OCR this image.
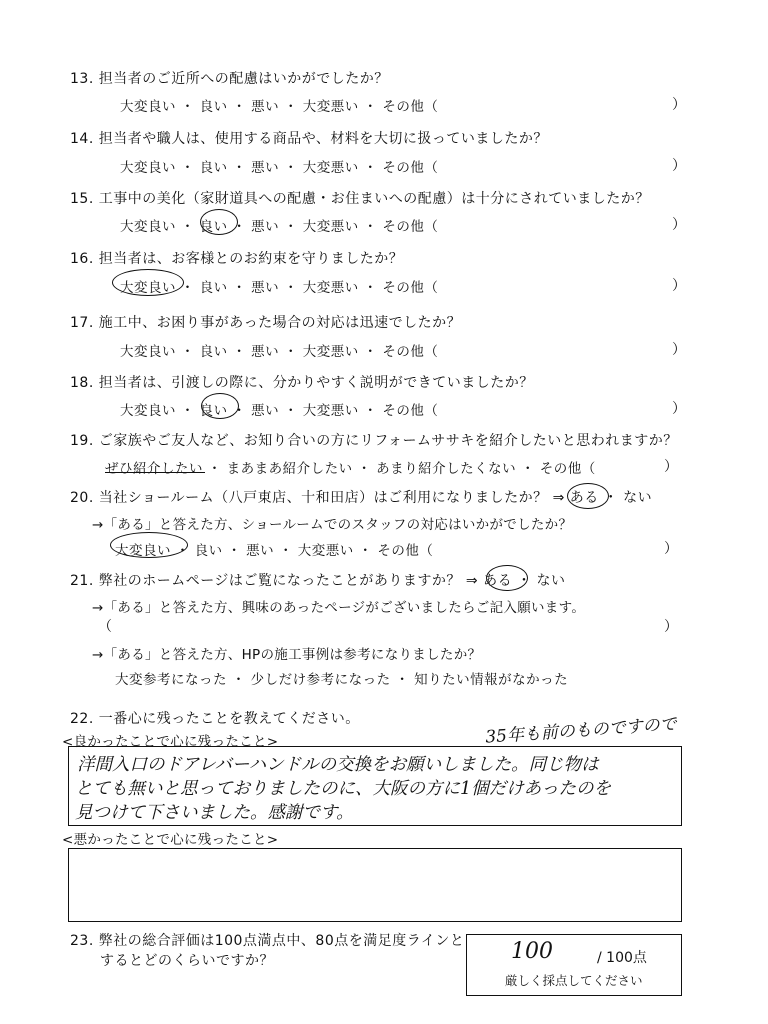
13. 担当者のご近所への配慮はいかがでしたか？
大変良い ・ 良い ・ 悪い ・ 大変悪い ・ その他（	）
14. 担当者や職人は、使用する商品や、材料を大切に扱っていましたか？
大変良い ・ 良い ・ 悪い ・ 大変悪い ・ その他（	）
15. 工事中の美化（家財道具への配慮・お住まいへの配慮）は十分にされていましたか？
大変良い ・ 良い ・ 悪い ・ 大変悪い ・ その他（	）
16. 担当者は、お客様とのお約束を守りましたか？
大変良い ・ 良い ・ 悪い ・ 大変悪い ・ その他（	）
17. 施工中、お困り事があった場合の対応は迅速でしたか？
大変良い ・ 良い ・ 悪い ・ 大変悪い ・ その他（	）
18. 担当者は、引渡しの際に、分かりやすく説明ができていましたか？
大変良い ・ 良い ・ 悪い ・ 大変悪い ・ その他（	）
19. ご家族やご友人など、お知り合いの方にリフォームササキを紹介したいと思われますか？
ぜひ紹介したい ・ まあまあ紹介したい ・ あまり紹介したくない ・ その他（	）
20. 当社ショールーム（八戸東店、十和田店）はご利用になりましたか？ ⇒ ある ・ ない
→「ある」と答えた方、ショールームでのスタッフの対応はいかがでしたか？
大変良い ・ 良い ・ 悪い ・ 大変悪い ・ その他（	）
21. 弊社のホームページはご覧になったことがありますか？ ⇒ ある ・ ない
→「ある」と答えた方、興味のあったページがございましたらご記入願います。
（	）
→「ある」と答えた方、HPの施工事例は参考になりましたか？
大変参考になった ・ 少しだけ参考になった ・ 知りたい情報がなかった
22. 一番心に残ったことを教えてください。	35年も前のものですので
<良かったことで心に残ったこと>
洋間入口のドアレバーハンドルの交換をお願いしました。同じ物は
とても無いと思っておりましたのに、大阪の方に1個だけあったのを
見つけて下さいました。感謝です。
<悪かったことで心に残ったこと>
23. 弊社の総合評価は100点満点中、80点を満足度ラインと
するとどのくらいですか？	100	/ 100点
厳しく採点してください
